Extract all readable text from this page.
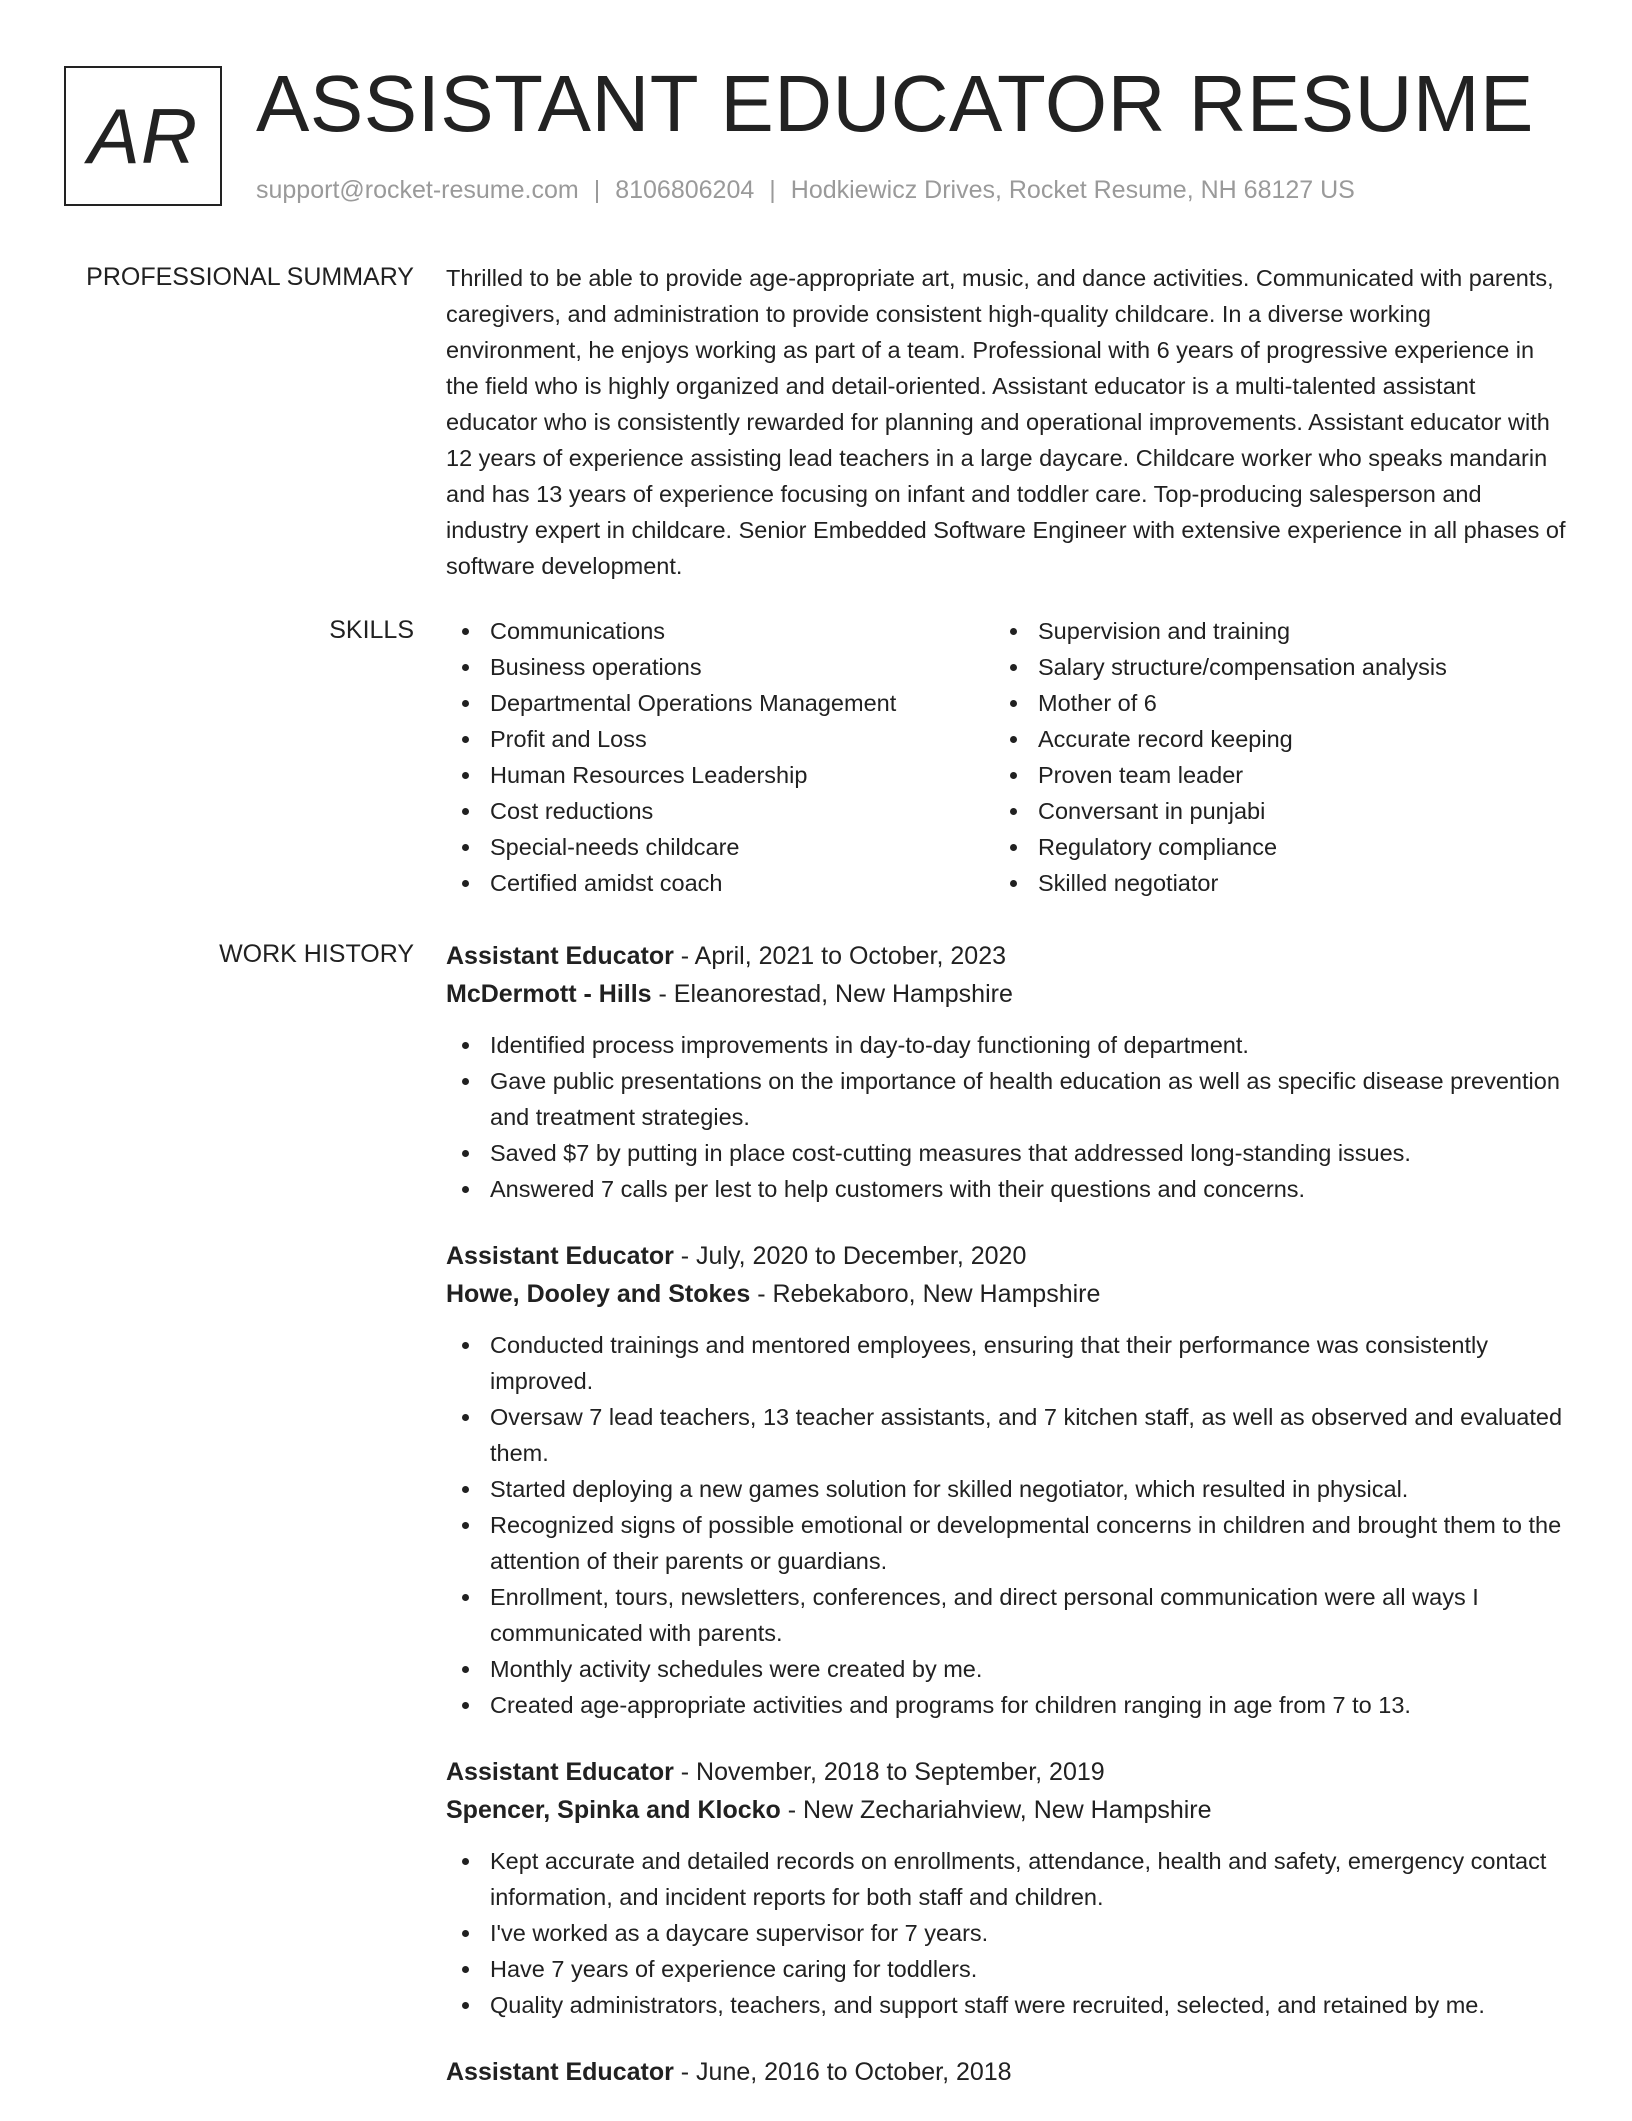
AR ASSISTANT EDUCATOR RESUME
support@rocket-resume.com | 8106806204 | Hodkiewicz Drives, Rocket Resume, NH 68127 US
PROFESSIONAL SUMMARY Thrilled to be able to provide age-appropriate art, music, and dance activities. Communicated with parents, caregivers, and administration to provide consistent high-quality childcare. In a diverse working environment, he enjoys working as part of a team. Professional with 6 years of progressive experience in the field who is highly organized and detail-oriented. Assistant educator is a multi-talented assistant educator who is consistently rewarded for planning and operational improvements. Assistant educator with 12 years of experience assisting lead teachers in a large daycare. Childcare worker who speaks mandarin and has 13 years of experience focusing on infant and toddler care. Top-producing salesperson and industry expert in childcare. Senior Embedded Software Engineer with extensive experience in all phases of software development.
SKILLS	Communications
Business operations
Departmental Operations Management
Profit and Loss
Human Resources Leadership
Cost reductions
Special-needs childcare
Certified amidst coach
Supervision and training
Salary structure/compensation analysis
Mother of 6
Accurate record keeping
Proven team leader
Conversant in punjabi
Regulatory compliance
Skilled negotiator
WORK HISTORY Assistant Educator - April, 2021 to October, 2023
McDermott - Hills - Eleanorestad, New Hampshire
Identified process improvements in day-to-day functioning of department.
Gave public presentations on the importance of health education as well as specific disease prevention and treatment strategies.
Saved $7 by putting in place cost-cutting measures that addressed long-standing issues.
Answered 7 calls per lest to help customers with their questions and concerns.
Assistant Educator - July, 2020 to December, 2020
Howe, Dooley and Stokes - Rebekaboro, New Hampshire
Conducted trainings and mentored employees, ensuring that their performance was consistently improved.
Oversaw 7 lead teachers, 13 teacher assistants, and 7 kitchen staff, as well as observed and evaluated them.
Started deploying a new games solution for skilled negotiator, which resulted in physical.
Recognized signs of possible emotional or developmental concerns in children and brought them to the attention of their parents or guardians.
Enrollment, tours, newsletters, conferences, and direct personal communication were all ways I communicated with parents.
Monthly activity schedules were created by me.
Created age-appropriate activities and programs for children ranging in age from 7 to 13.
Assistant Educator - November, 2018 to September, 2019
Spencer, Spinka and Klocko - New Zechariahview, New Hampshire
Kept accurate and detailed records on enrollments, attendance, health and safety, emergency contact information, and incident reports for both staff and children.
I've worked as a daycare supervisor for 7 years.
Have 7 years of experience caring for toddlers.
Quality administrators, teachers, and support staff were recruited, selected, and retained by me.
Assistant Educator - June, 2016 to October, 2018
